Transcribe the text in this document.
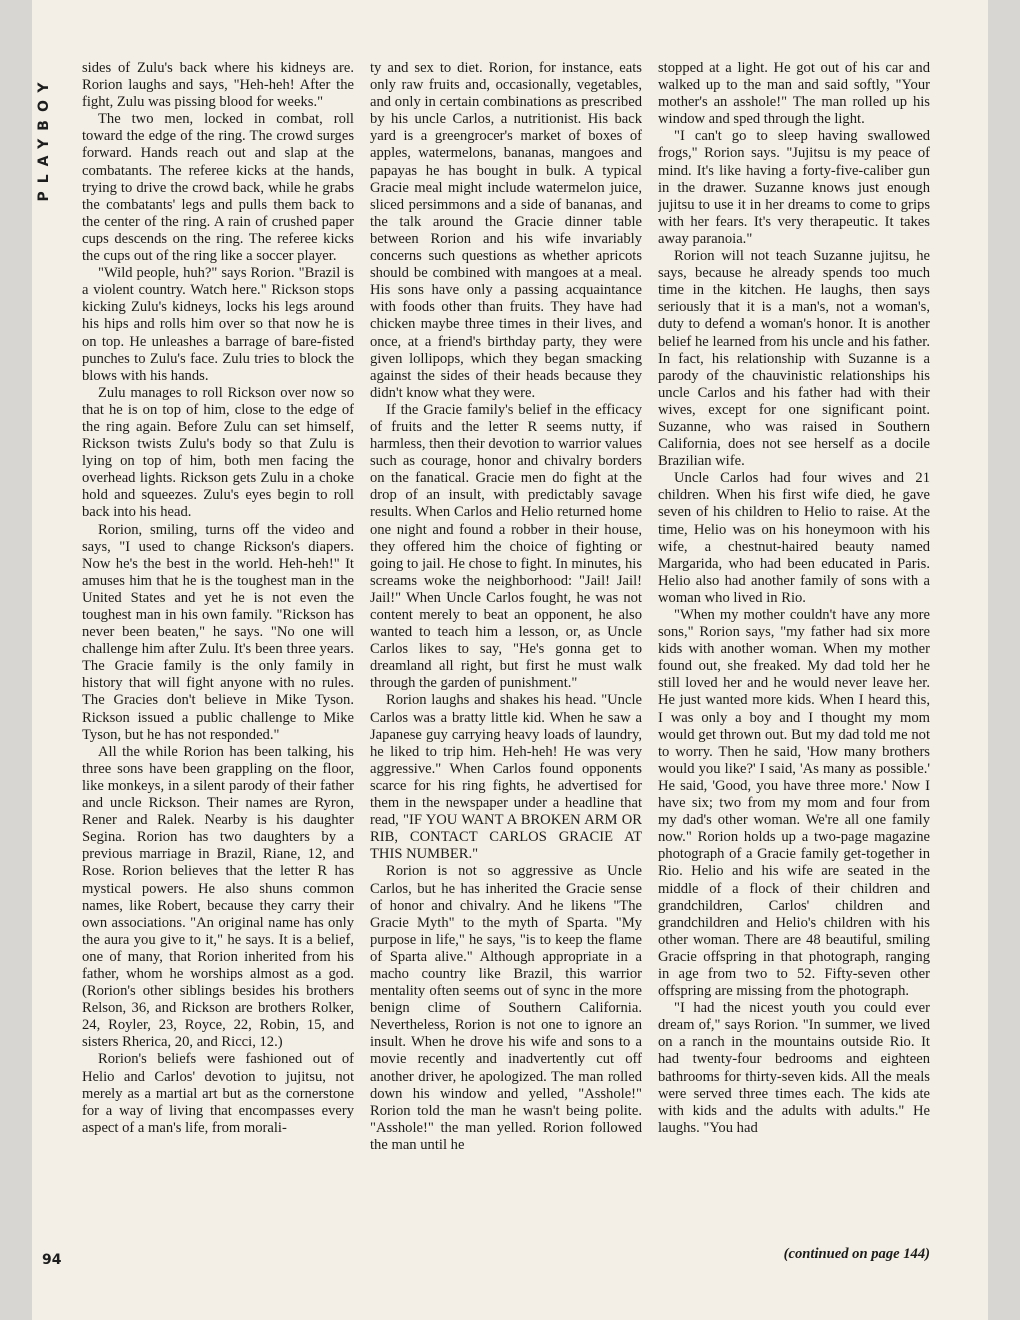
PLAYBOY

sides of Zulu's back where his kidneys are. Rorion laughs and says, "Heh-heh! After the fight, Zulu was pissing blood for weeks."

The two men, locked in combat, roll toward the edge of the ring. The crowd surges forward. Hands reach out and slap at the combatants. The referee kicks at the hands, trying to drive the crowd back, while he grabs the combatants' legs and pulls them back to the center of the ring. A rain of crushed paper cups descends on the ring. The referee kicks the cups out of the ring like a soccer player.

"Wild people, huh?" says Rorion. "Brazil is a violent country. Watch here." Rickson stops kicking Zulu's kidneys, locks his legs around his hips and rolls him over so that now he is on top. He unleashes a barrage of bare-fisted punches to Zulu's face. Zulu tries to block the blows with his hands.

Zulu manages to roll Rickson over now so that he is on top of him, close to the edge of the ring again. Before Zulu can set himself, Rickson twists Zulu's body so that Zulu is lying on top of him, both men facing the overhead lights. Rickson gets Zulu in a choke hold and squeezes. Zulu's eyes begin to roll back into his head.

Rorion, smiling, turns off the video and says, "I used to change Rickson's diapers. Now he's the best in the world. Heh-heh!" It amuses him that he is the toughest man in the United States and yet he is not even the toughest man in his own family. "Rickson has never been beaten," he says. "No one will challenge him after Zulu. It's been three years. The Gracie family is the only family in history that will fight anyone with no rules. The Gracies don't believe in Mike Tyson. Rickson issued a public challenge to Mike Tyson, but he has not responded."

All the while Rorion has been talking, his three sons have been grappling on the floor, like monkeys, in a silent parody of their father and uncle Rickson. Their names are Ryron, Rener and Ralek. Nearby is his daughter Segina. Rorion has two daughters by a previous marriage in Brazil, Riane, 12, and Rose. Rorion believes that the letter R has mystical powers. He also shuns common names, like Robert, because they carry their own associations. "An original name has only the aura you give to it," he says. It is a belief, one of many, that Rorion inherited from his father, whom he worships almost as a god. (Rorion's other siblings besides his brothers Relson, 36, and Rickson are brothers Rolker, 24, Royler, 23, Royce, 22, Robin, 15, and sisters Rherica, 20, and Ricci, 12.)

Rorion's beliefs were fashioned out of Helio and Carlos' devotion to jujitsu, not merely as a martial art but as the cornerstone for a way of living that encompasses every aspect of a man's life, from morali-

ty and sex to diet. Rorion, for instance, eats only raw fruits and, occasionally, vegetables, and only in certain combinations as prescribed by his uncle Carlos, a nutritionist. His back yard is a greengrocer's market of boxes of apples, watermelons, bananas, mangoes and papayas he has bought in bulk. A typical Gracie meal might include watermelon juice, sliced persimmons and a side of bananas, and the talk around the Gracie dinner table between Rorion and his wife invariably concerns such questions as whether apricots should be combined with mangoes at a meal. His sons have only a passing acquaintance with foods other than fruits. They have had chicken maybe three times in their lives, and once, at a friend's birthday party, they were given lollipops, which they began smacking against the sides of their heads because they didn't know what they were.

If the Gracie family's belief in the efficacy of fruits and the letter R seems nutty, if harmless, then their devotion to warrior values such as courage, honor and chivalry borders on the fanatical. Gracie men do fight at the drop of an insult, with predictably savage results. When Carlos and Helio returned home one night and found a robber in their house, they offered him the choice of fighting or going to jail. He chose to fight. In minutes, his screams woke the neighborhood: "Jail! Jail! Jail!" When Uncle Carlos fought, he was not content merely to beat an opponent, he also wanted to teach him a lesson, or, as Uncle Carlos likes to say, "He's gonna get to dreamland all right, but first he must walk through the garden of punishment."

Rorion laughs and shakes his head. "Uncle Carlos was a bratty little kid. When he saw a Japanese guy carrying heavy loads of laundry, he liked to trip him. Heh-heh! He was very aggressive." When Carlos found opponents scarce for his ring fights, he advertised for them in the newspaper under a headline that read, "IF YOU WANT A BROKEN ARM OR RIB, CONTACT CARLOS GRACIE AT THIS NUMBER."

Rorion is not so aggressive as Uncle Carlos, but he has inherited the Gracie sense of honor and chivalry. And he likens "The Gracie Myth" to the myth of Sparta. "My purpose in life," he says, "is to keep the flame of Sparta alive." Although appropriate in a macho country like Brazil, this warrior mentality often seems out of sync in the more benign clime of Southern California. Nevertheless, Rorion is not one to ignore an insult. When he drove his wife and sons to a movie recently and inadvertently cut off another driver, he apologized. The man rolled down his window and yelled, "Asshole!" Rorion told the man he wasn't being polite. "Asshole!" the man yelled. Rorion followed the man until he

stopped at a light. He got out of his car and walked up to the man and said softly, "Your mother's an asshole!" The man rolled up his window and sped through the light.

"I can't go to sleep having swallowed frogs," Rorion says. "Jujitsu is my peace of mind. It's like having a forty-five-caliber gun in the drawer. Suzanne knows just enough jujitsu to use it in her dreams to come to grips with her fears. It's very therapeutic. It takes away paranoia."

Rorion will not teach Suzanne jujitsu, he says, because he already spends too much time in the kitchen. He laughs, then says seriously that it is a man's, not a woman's, duty to defend a woman's honor. It is another belief he learned from his uncle and his father. In fact, his relationship with Suzanne is a parody of the chauvinistic relationships his uncle Carlos and his father had with their wives, except for one significant point. Suzanne, who was raised in Southern California, does not see herself as a docile Brazilian wife.

Uncle Carlos had four wives and 21 children. When his first wife died, he gave seven of his children to Helio to raise. At the time, Helio was on his honeymoon with his wife, a chestnut-haired beauty named Margarida, who had been educated in Paris. Helio also had another family of sons with a woman who lived in Rio.

"When my mother couldn't have any more sons," Rorion says, "my father had six more kids with another woman. When my mother found out, she freaked. My dad told her he still loved her and he would never leave her. He just wanted more kids. When I heard this, I was only a boy and I thought my mom would get thrown out. But my dad told me not to worry. Then he said, 'How many brothers would you like?' I said, 'As many as possible.' He said, 'Good, you have three more.' Now I have six; two from my mom and four from my dad's other woman. We're all one family now." Rorion holds up a two-page magazine photograph of a Gracie family get-together in Rio. Helio and his wife are seated in the middle of a flock of their children and grandchildren, Carlos' children and grandchildren and Helio's children with his other woman. There are 48 beautiful, smiling Gracie offspring in that photograph, ranging in age from two to 52. Fifty-seven other offspring are missing from the photograph.

"I had the nicest youth you could ever dream of," says Rorion. "In summer, we lived on a ranch in the mountains outside Rio. It had twenty-four bedrooms and eighteen bathrooms for thirty-seven kids. All the meals were served three times each. The kids ate with kids and the adults with adults." He laughs. "You had

(continued on page 144)
94
